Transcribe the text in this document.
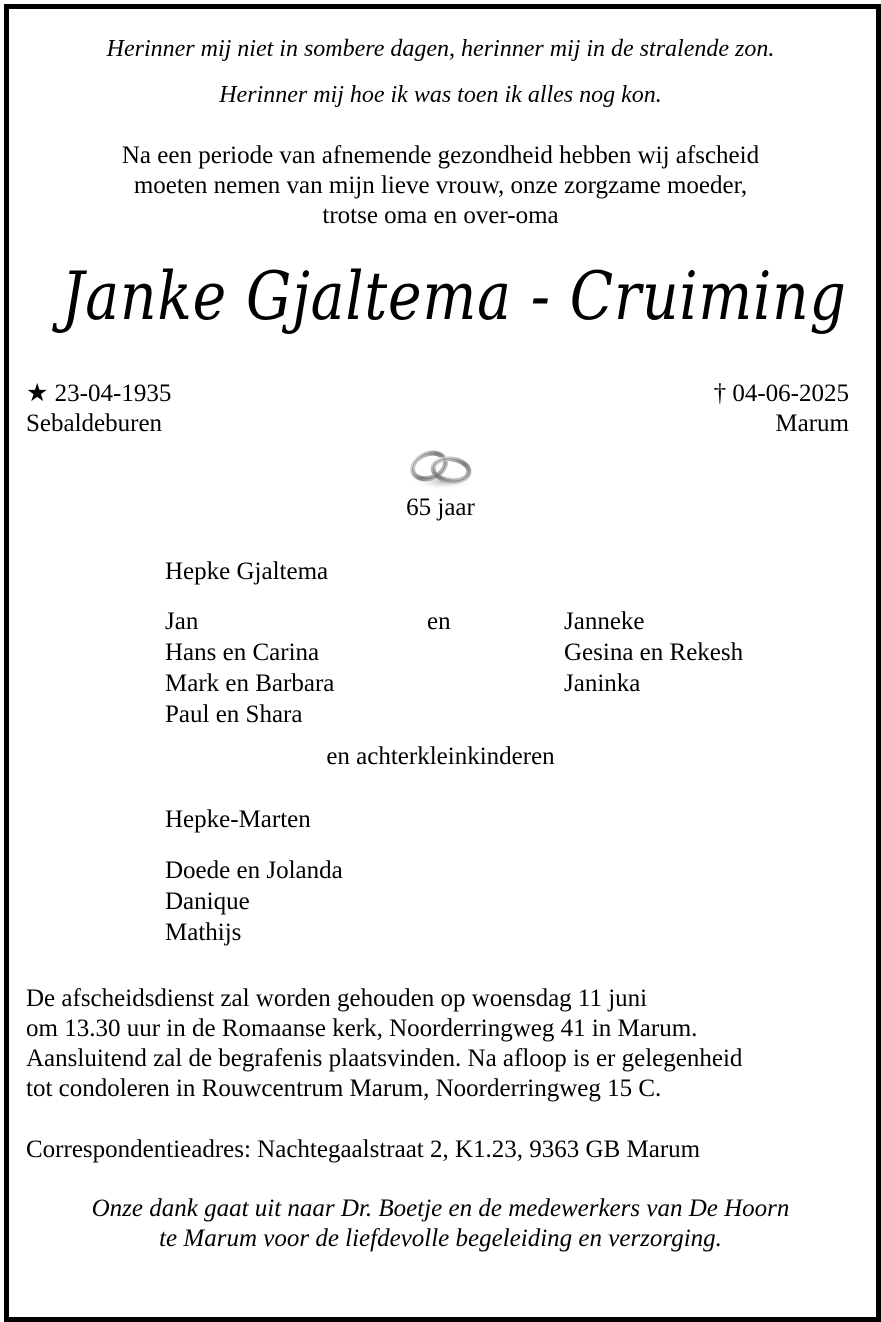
Herinner mij niet in sombere dagen, herinner mij in de stralende zon.
Herinner mij hoe ik was toen ik alles nog kon.
Na een periode van afnemende gezondheid hebben wij afscheid
moeten nemen van mijn lieve vrouw, onze zorgzame moeder,
trotse oma en over-oma
Janke Gjaltema - Cruiming
★ 23-04-1935
Sebaldeburen
† 04-06-2025
Marum
65 jaar
Hepke Gjaltema
Jan	en	Janneke
Hans en Carina
Mark en Barbara
Paul en Shara
Gesina en Rekesh
Janinka
en achterkleinkinderen
Hepke-Marten
Doede en Jolanda
Danique
Mathijs
De afscheidsdienst zal worden gehouden op woensdag 11 juni
om 13.30 uur in de Romaanse kerk, Noorderringweg 41 in Marum.
Aansluitend zal de begrafenis plaatsvinden. Na afloop is er gelegenheid
tot condoleren in Rouwcentrum Marum, Noorderringweg 15 C.
Correspondentieadres: Nachtegaalstraat 2, K1.23, 9363 GB Marum
Onze dank gaat uit naar Dr. Boetje en de medewerkers van De Hoorn
te Marum voor de liefdevolle begeleiding en verzorging.
